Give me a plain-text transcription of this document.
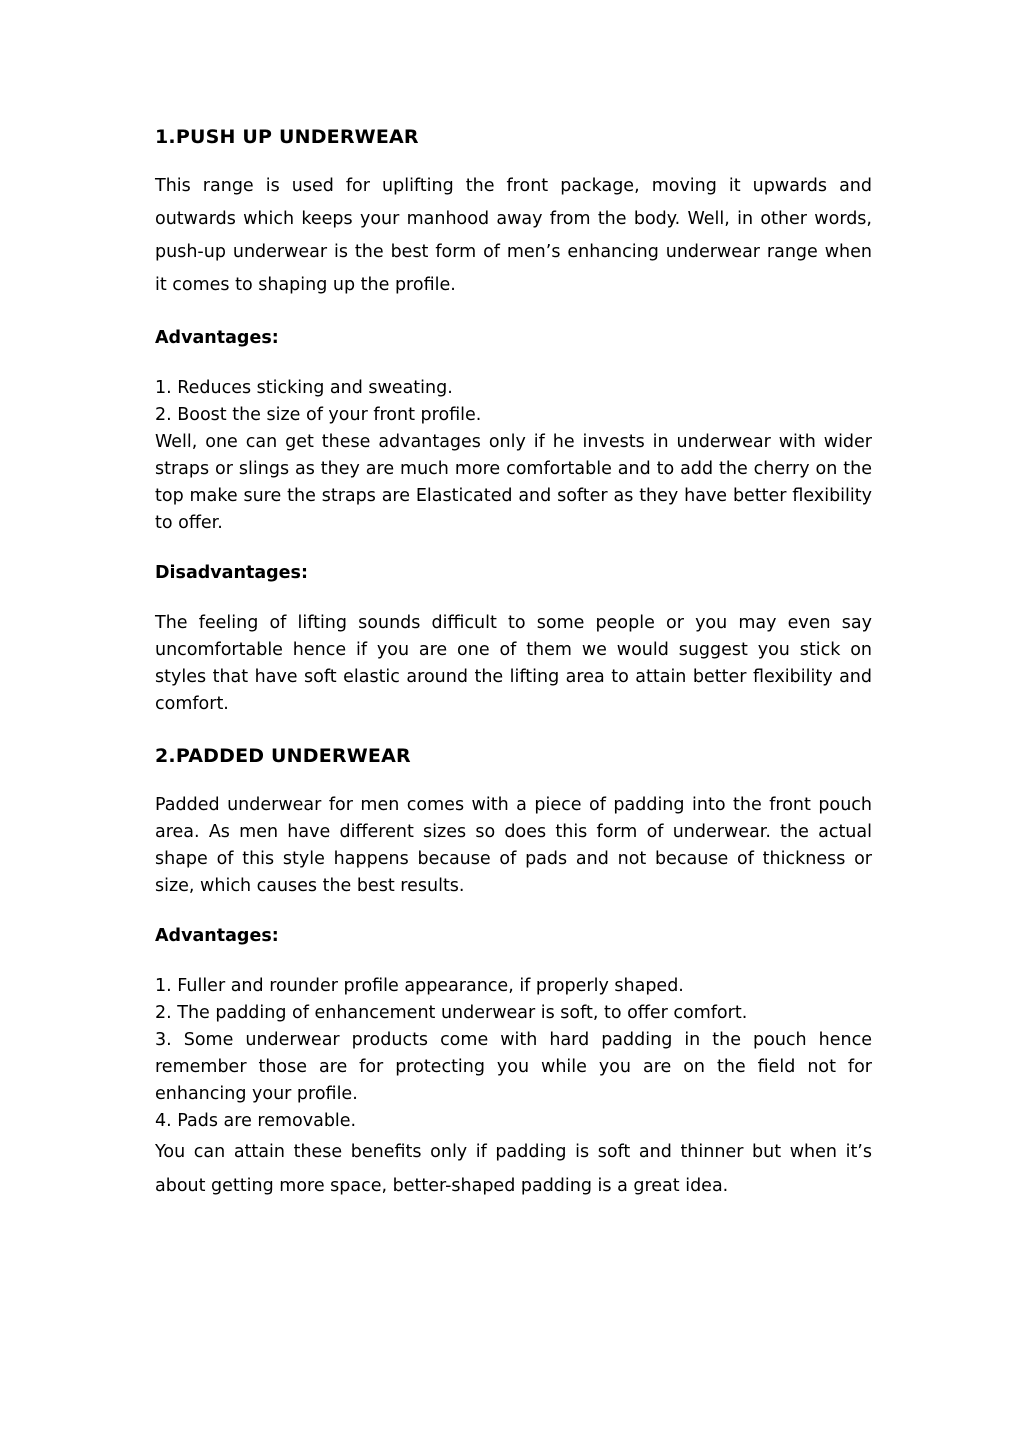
1.PUSH UP UNDERWEAR

This range is used for uplifting the front package, moving it upwards and outwards which keeps your manhood away from the body. Well, in other words, push-up underwear is the best form of men’s enhancing underwear range when it comes to shaping up the profile.

Advantages:
1. Reduces sticking and sweating.
2. Boost the size of your front profile.

Well, one can get these advantages only if he invests in underwear with wider straps or slings as they are much more comfortable and to add the cherry on the top make sure the straps are Elasticated and softer as they have better flexibility to offer.

Disadvantages:

The feeling of lifting sounds difficult to some people or you may even say uncomfortable hence if you are one of them we would suggest you stick on styles that have soft elastic around the lifting area to attain better flexibility and comfort.

2.PADDED UNDERWEAR

Padded underwear for men comes with a piece of padding into the front pouch area. As men have different sizes so does this form of underwear. the actual shape of this style happens because of pads and not because of thickness or size, which causes the best results.

Advantages:
1. Fuller and rounder profile appearance, if properly shaped.
2. The padding of enhancement underwear is soft, to offer comfort.
3. Some underwear products come with hard padding in the pouch hence remember those are for protecting you while you are on the field not for enhancing your profile.
4. Pads are removable.

You can attain these benefits only if padding is soft and thinner but when it’s about getting more space, better-shaped padding is a great idea.
